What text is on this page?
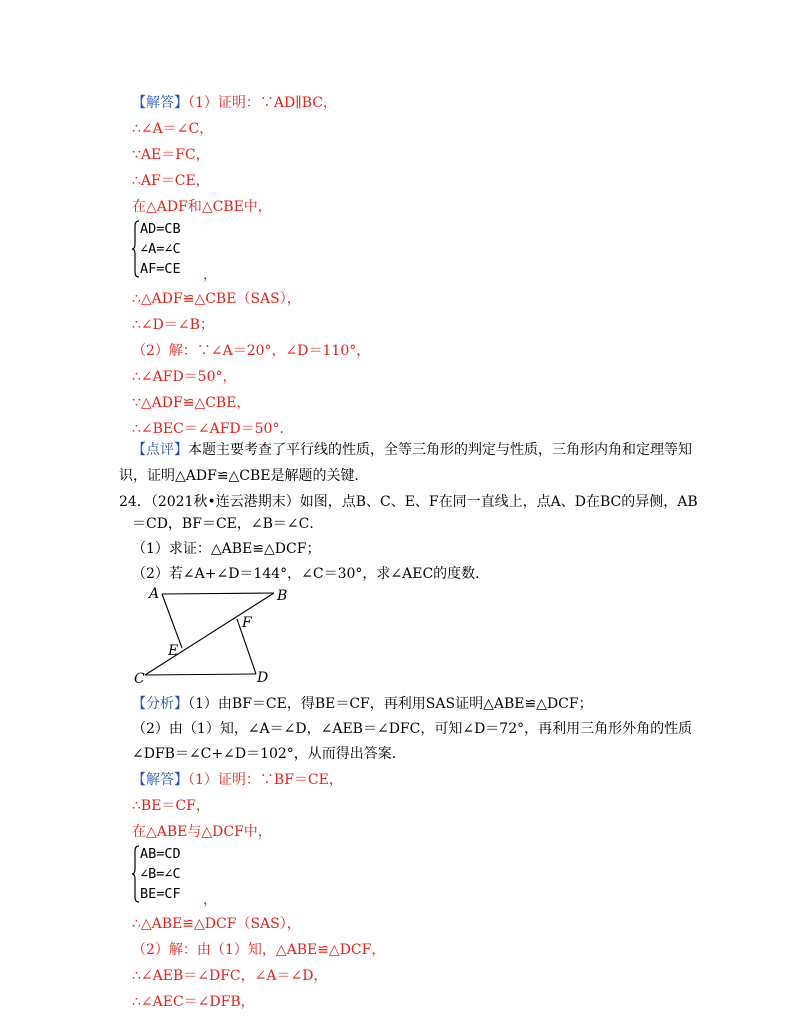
【解答】（1）证明：∵AD∥BC，
∴∠A＝∠C，
∵AE＝FC，
∴AF＝CE，
在△ADF和△CBE中，
AD=CB
∠A=∠C
AF=CE ，
∴△ADF≌△CBE（SAS），
∴∠D＝∠B；
（2）解：∵∠A＝20°，∠D＝110°，
∴∠AFD＝50°，
∵△ADF≌△CBE，
∴∠BEC＝∠AFD＝50°．
【点评】本题主要考查了平行线的性质，全等三角形的判定与性质，三角形内角和定理等知
识，证明△ADF≌△CBE是解题的关键．
24．（2021秋•连云港期末）如图，点B、C、E、F在同一直线上，点A、D在BC的异侧，AB
＝CD，BF＝CE，∠B＝∠C．
（1）求证：△ABE≌△DCF；
（2）若∠A+∠D＝144°，∠C＝30°，求∠AEC的度数．
A	B
C	D
E
F
【分析】（1）由BF＝CE，得BE＝CF，再利用SAS证明△ABE≌△DCF；
（2）由（1）知，∠A＝∠D，∠AEB＝∠DFC，可知∠D＝72°，再利用三角形外角的性质
∠DFB＝∠C+∠D＝102°，从而得出答案．
【解答】（1）证明：∵BF＝CE，
∴BE＝CF，
在△ABE与△DCF中，
AB=CD
∠B=∠C
BE=CF ，
∴△ABE≌△DCF（SAS），
（2）解：由（1）知，△ABE≌△DCF，
∴∠AEB＝∠DFC，∠A＝∠D，
∴∠AEC＝∠DFB，
